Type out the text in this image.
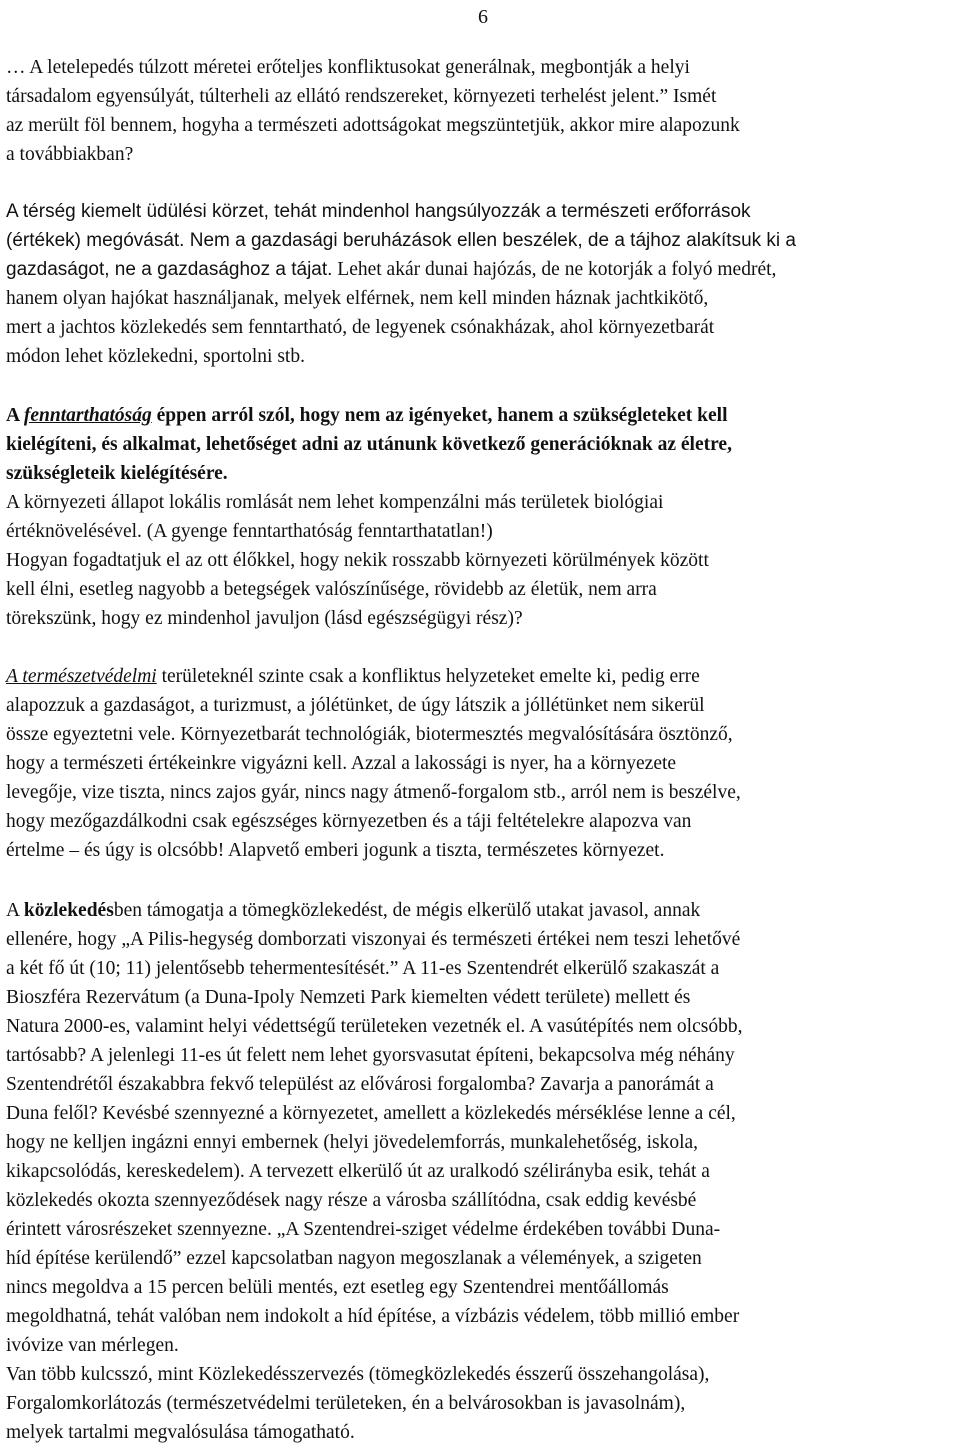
6
… A letelepedés túlzott méretei erőteljes konfliktusokat generálnak, megbontják a helyi
társadalom egyensúlyát, túlterheli az ellátó rendszereket, környezeti terhelést jelent.” Ismét
az merült föl bennem, hogyha a természeti adottságokat megszüntetjük, akkor mire alapozunk
a továbbiakban?
A térség kiemelt üdülési körzet, tehát mindenhol hangsúlyozzák a természeti erőforrások
(értékek) megóvását. Nem a gazdasági beruházások ellen beszélek, de a tájhoz alakítsuk ki a
gazdaságot, ne a gazdasághoz a tájat. Lehet akár dunai hajózás, de ne kotorják a folyó medrét,
hanem olyan hajókat használjanak, melyek elférnek, nem kell minden háznak jachtkikötő,
mert a jachtos közlekedés sem fenntartható, de legyenek csónakházak, ahol környezetbarát
módon lehet közlekedni, sportolni stb.
A fenntarthatóság éppen arról szól, hogy nem az igényeket, hanem a szükségleteket kell
kielégíteni, és alkalmat, lehetőséget adni az utánunk következő generációknak az életre,
szükségleteik kielégítésére.
A környezeti állapot lokális romlását nem lehet kompenzálni más területek biológiai
értéknövelésével. (A gyenge fenntarthatóság fenntarthatatlan!)
Hogyan fogadtatjuk el az ott élőkkel, hogy nekik rosszabb környezeti körülmények között
kell élni, esetleg nagyobb a betegségek valószínűsége, rövidebb az életük, nem arra
törekszünk, hogy ez mindenhol javuljon (lásd egészségügyi rész)?
A természetvédelmi területeknél szinte csak a konfliktus helyzeteket emelte ki, pedig erre
alapozzuk a gazdaságot, a turizmust, a jólétünket, de úgy látszik a jóllétünket nem sikerül
össze egyeztetni vele. Környezetbarát technológiák, biotermesztés megvalósítására ösztönző,
hogy a természeti értékeinkre vigyázni kell. Azzal a lakossági is nyer, ha a környezete
levegője, vize tiszta, nincs zajos gyár, nincs nagy átmenő-forgalom stb., arról nem is beszélve,
hogy mezőgazdálkodni csak egészséges környezetben és a táji feltételekre alapozva van
értelme – és úgy is olcsóbb! Alapvető emberi jogunk a tiszta, természetes környezet.
A közlekedésben támogatja a tömegközlekedést, de mégis elkerülő utakat javasol, annak
ellenére, hogy „A Pilis-hegység domborzati viszonyai és természeti értékei nem teszi lehetővé
a két fő út (10; 11) jelentősebb tehermentesítését.” A 11-es Szentendrét elkerülő szakaszát a
Bioszféra Rezervátum (a Duna-Ipoly Nemzeti Park kiemelten védett területe) mellett és
Natura 2000-es, valamint helyi védettségű területeken vezetnék el. A vasútépítés nem olcsóbb,
tartósabb? A jelenlegi 11-es út felett nem lehet gyorsvasutat építeni, bekapcsolva még néhány
Szentendrétől északabbra fekvő települést az elővárosi forgalomba? Zavarja a panorámát a
Duna felől? Kevésbé szennyezné a környezetet, amellett a közlekedés mérséklése lenne a cél,
hogy ne kelljen ingázni ennyi embernek (helyi jövedelemforrás, munkalehetőség, iskola,
kikapcsolódás, kereskedelem). A tervezett elkerülő út az uralkodó szélirányba esik, tehát a
közlekedés okozta szennyeződések nagy része a városba szállítódna, csak eddig kevésbé
érintett városrészeket szennyezne. „A Szentendrei-sziget védelme érdekében további Duna-
híd építése kerülendő” ezzel kapcsolatban nagyon megoszlanak a vélemények, a szigeten
nincs megoldva a 15 percen belüli mentés, ezt esetleg egy Szentendrei mentőállomás
megoldhatná, tehát valóban nem indokolt a híd építése, a vízbázis védelem, több millió ember
ivóvize van mérlegen.
Van több kulcsszó, mint Közlekedésszervezés (tömegközlekedés ésszerű összehangolása),
Forgalomkorlátozás (természetvédelmi területeken, én a belvárosokban is javasolnám),
melyek tartalmi megvalósulása támogatható.
